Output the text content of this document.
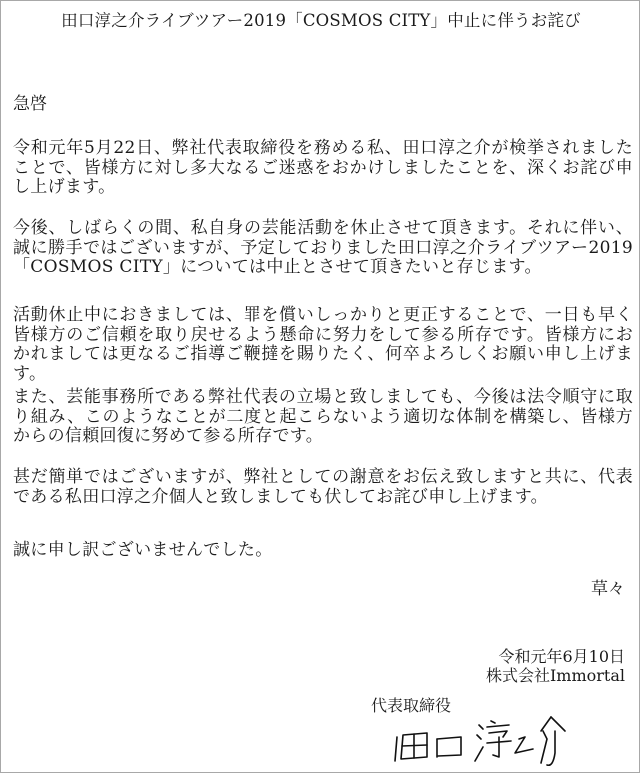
田口淳之介ライブツアー2019「COSMOS CITY」中止に伴うお詫び
急啓
令和元年5月22日、弊社代表取締役を務める私、田口淳之介が検挙されましたことで、皆様方に対し多大なるご迷惑をおかけしましたことを、深くお詫び申し上げます。
今後、しばらくの間、私自身の芸能活動を休止させて頂きます。それに伴い、誠に勝手ではございますが、予定しておりました田口淳之介ライブツアー2019「COSMOS CITY」については中止とさせて頂きたいと存じます。
活動休止中におきましては、罪を償いしっかりと更正することで、一日も早く皆様方のご信頼を取り戻せるよう懸命に努力をして参る所存です。皆様方におかれましては更なるご指導ご鞭撻を賜りたく、何卒よろしくお願い申し上げます。
また、芸能事務所である弊社代表の立場と致しましても、今後は法令順守に取り組み、このようなことが二度と起こらないよう適切な体制を構築し、皆様方からの信頼回復に努めて参る所存です。
甚だ簡単ではございますが、弊社としての謝意をお伝え致しますと共に、代表である私田口淳之介個人と致しましても伏してお詫び申し上げます。
誠に申し訳ございませんでした。
草々
令和元年6月10日
株式会社Immortal
代表取締役
